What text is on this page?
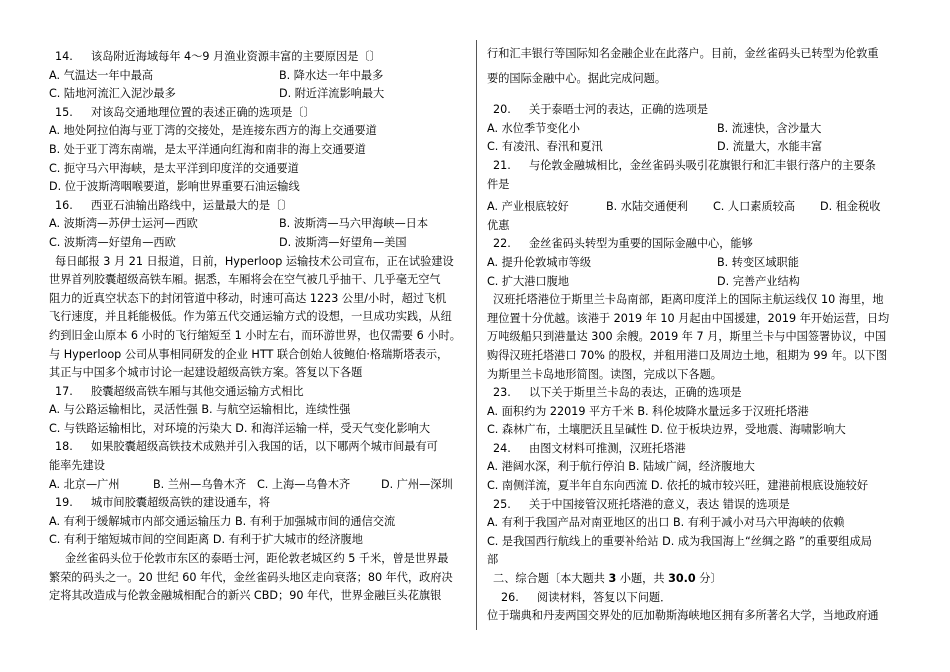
14. 该岛附近海域每年 4～9 月渔业资源丰富的主要原因是〔〕
A. 气温达一年中最高	B. 降水达一年中最多
C. 陆地河流汇入泥沙最多	D. 附近洋流影响最大
15. 对该岛交通地理位置的表述正确的选项是〔〕
A. 地处阿拉伯海与亚丁湾的交接处，是连接东西方的海上交通要道
B. 处于亚丁湾东南端，是太平洋通向红海和南非的海上交通要道
C. 扼守马六甲海峡，是太平洋到印度洋的交通要道
D. 位于波斯湾咽喉要道，影响世界重要石油运输线
16. 西亚石油输出路线中，运量最大的是〔〕
A. 波斯湾—苏伊士运河—西欧	B. 波斯湾—马六甲海峡—日本
C. 波斯湾—好望角—西欧	D. 波斯湾—好望角—美国
每日邮报 3 月 21 日报道，日前，Hyperloop 运输技术公司宣布，正在试验建设
世界首列胶囊超级高铁车厢。据悉，车厢将会在空气被几乎抽干、几乎毫无空气
阻力的近真空状态下的封闭管道中移动，时速可高达 1223 公里/小时，超过飞机
飞行速度，并且耗能极低。作为第五代交通运输方式的设想，一旦成功实践，从纽
约到旧金山原本 6 小时的飞行缩短至 1 小时左右，而环游世界，也仅需要 6 小时。
与 Hyperloop 公司从事相同研发的企业 HTT 联合创始人彼鲍伯·格瑞斯塔表示，
其正与中国多个城市讨论一起建设超级高铁方案。答复以下各题
17. 胶囊超级高铁车厢与其他交通运输方式相比
A. 与公路运输相比，灵活性强 B. 与航空运输相比，连续性强
C. 与铁路运输相比，对环境的污染大 D. 和海洋运输一样，受天气变化影响大
18. 如果胶囊超级高铁技术成熟并引入我国的话，以下哪两个城市间最有可
能率先建设
A. 北京—广州	B. 兰州—乌鲁木齐 C. 上海—乌鲁木齐	D. 广州—深圳
19. 城市间胶囊超级高铁的建设通车，将
A. 有利于缓解城市内部交通运输压力 B. 有利于加强城市间的通信交流
C. 有利于缩短城市间的空间距离 D. 有利于扩大城市的经济腹地
金丝雀码头位于伦敦市东区的泰晤士河，距伦敦老城区约 5 千米，曾是世界最
繁荣的码头之一。20 世纪 60 年代，金丝雀码头地区走向衰落；80 年代，政府决
定将其改造成与伦敦金融城相配合的新兴 CBD；90 年代，世界金融巨头花旗银
行和汇丰银行等国际知名金融企业在此落户。目前，金丝雀码头已转型为伦敦重
要的国际金融中心。据此完成问题。
20. 关于泰晤士河的表达，正确的选项是
A. 水位季节变化小	B. 流速快，含沙量大
C. 有凌汛、春汛和夏汛	D. 流量大，水能丰富
21. 与伦敦金融城相比，金丝雀码头吸引花旗银行和汇丰银行落户的主要条
件是
A. 产业根底较好	B. 水陆交通便利	C. 人口素质较高	D. 租金税收
优惠
22. 金丝雀码头转型为重要的国际金融中心，能够
A. 提升伦敦城市等级	B. 转变区域职能
C. 扩大港口腹地	D. 完善产业结构
汉班托塔港位于斯里兰卡岛南部，距离印度洋上的国际主航运线仅 10 海里，地
理位置十分优越。该港于 2019 年 10 月起由中国援建，2019 年开始运营，日均
万吨级船只到港量达 300 余艘。2019 年 7 月，斯里兰卡与中国签署协议，中国
购得汉班托塔港口 70% 的股权，并租用港口及周边土地，租期为 99 年。以下图
为斯里兰卡岛地形简图。读图，完成以下各题。
23. 以下关于斯里兰卡岛的表达，正确的选项是
A. 面积约为 22019 平方千米 B. 科伦坡降水量远多于汉班托塔港
C. 森林广布，土壤肥沃且呈碱性 D. 位于板块边界，受地震、海啸影响大
24. 由图文材料可推测，汉班托塔港
A. 港阔水深，利于航行停泊 B. 陆域广阔，经济腹地大
C. 南侧洋流，夏半年自东向西流 D. 依托的城市较兴旺，建港前根底设施较好
25. 关于中国接管汉班托塔港的意义，表达 错误的选项是
A. 有利于我国产品对南亚地区的出口 B. 有利于减小对马六甲海峡的依赖
C. 是我国西行航线上的重要补给站 D. 成为我国海上“丝绸之路 ”的重要组成局
部
二、综合题〔本大题共 3 小题，共 30.0 分〕
26. 阅读材料，答复以下问题．
位于瑞典和丹麦两国交界处的厄加勒斯海峡地区拥有多所著名大学，当地政府通
